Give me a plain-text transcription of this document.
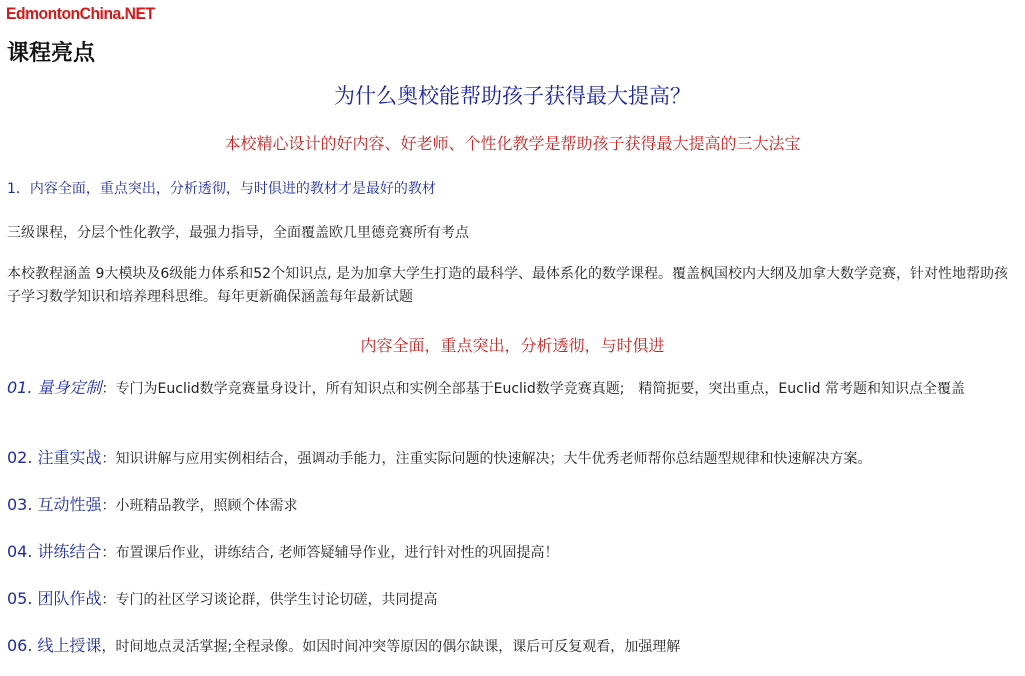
EdmontonChina.NET
课程亮点
为什么奥校能帮助孩子获得最大提高？
本校精心设计的好内容、好老师、个性化教学是帮助孩子获得最大提高的三大法宝
1．内容全面，重点突出，分析透彻，与时俱进的教材才是最好的教材
三级课程，分层个性化教学，最强力指导，全面覆盖欧几里德竞赛所有考点

本校教程涵盖 9大模块及6级能力体系和52个知识点, 是为加拿大学生打造的最科学、最体系化的数学课程。覆盖枫国校内大纲及加拿大数学竞赛，针对性地帮助孩子学习数学知识和培养理科思维。每年更新确保涵盖每年最新试题

内容全面，重点突出，分析透彻，与时俱进

01. 量身定制：专门为Euclid数学竞赛量身设计，所有知识点和实例全部基于Euclid数学竞赛真题;　精简扼要，突出重点，Euclid 常考题和知识点全覆盖

02. 注重实战：知识讲解与应用实例相结合，强调动手能力，注重实际问题的快速解决；大牛优秀老师帮你总结题型规律和快速解决方案。

03. 互动性强：小班精品教学，照顾个体需求

04. 讲练结合：布置课后作业，讲练结合, 老师答疑辅导作业，进行针对性的巩固提高！

05. 团队作战：专门的社区学习谈论群，供学生讨论切磋，共同提高

06. 线上授课，时间地点灵活掌握;全程录像。如因时间冲突等原因的偶尔缺课，课后可反复观看，加强理解
